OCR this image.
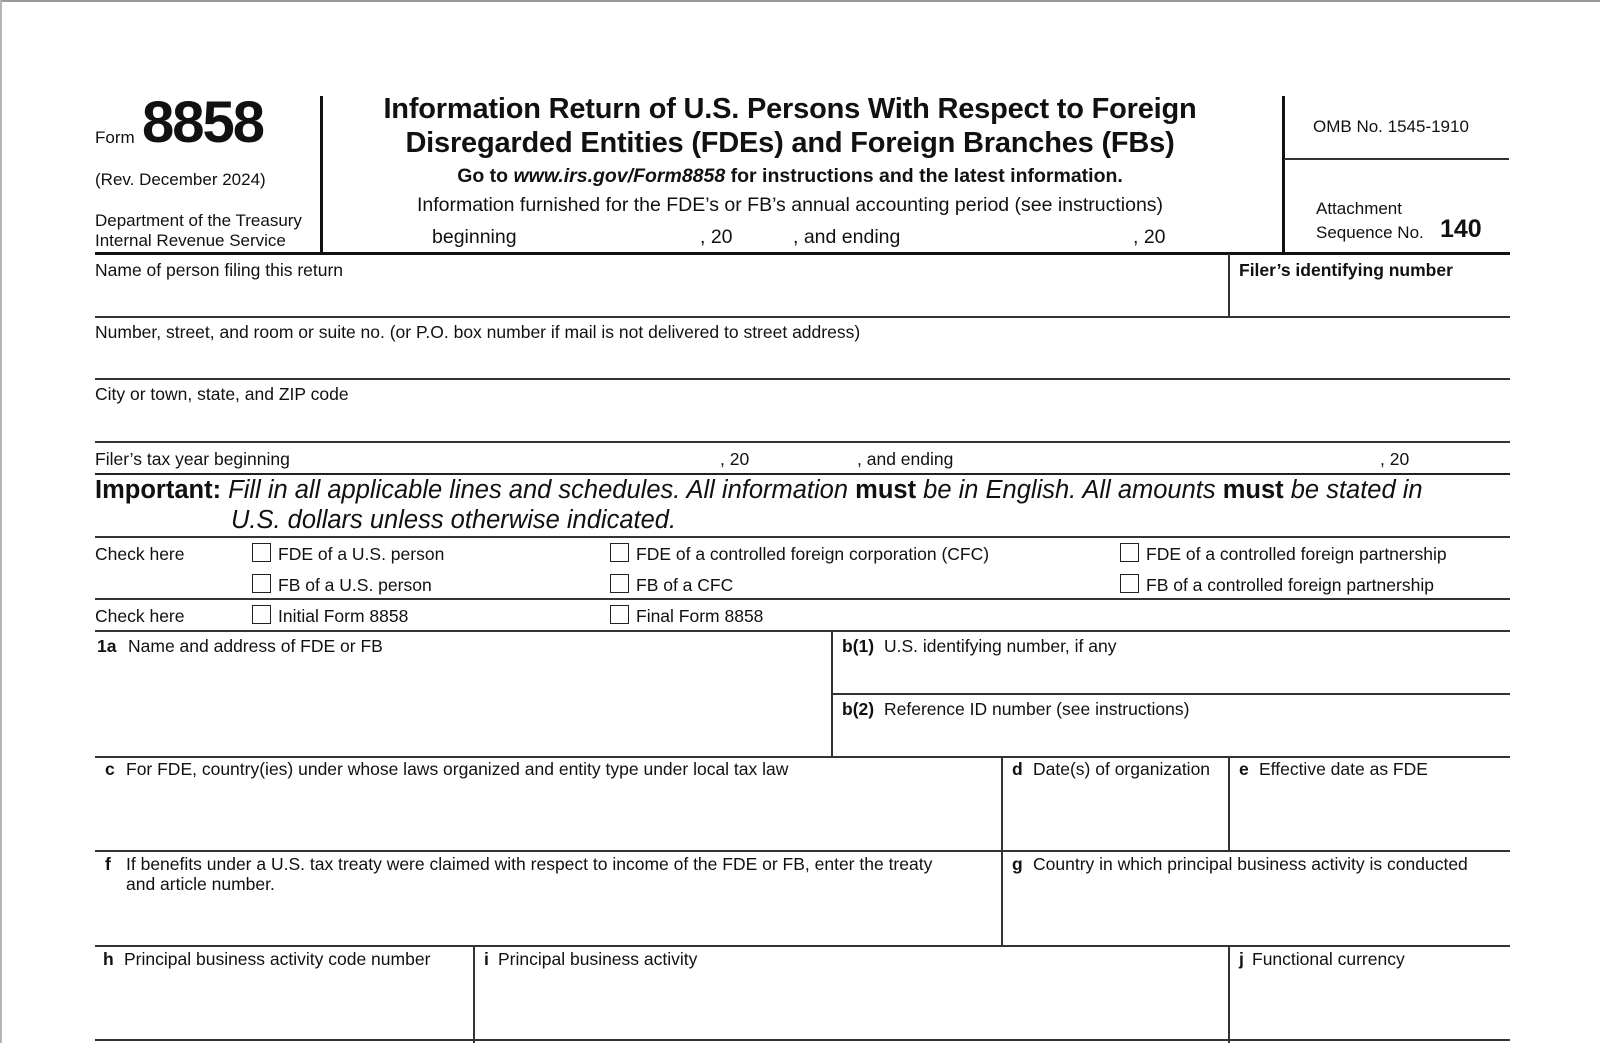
Form 8858
(Rev. December 2024)
Department of the Treasury
Internal Revenue Service
Information Return of U.S. Persons With Respect to Foreign
Disregarded Entities (FDEs) and Foreign Branches (FBs)
Go to www.irs.gov/Form8858 for instructions and the latest information.
Information furnished for the FDE’s or FB’s annual accounting period (see instructions)
beginning	, 20	, and ending	, 20
OMB No. 1545-1910
Attachment
Sequence No. 140
Name of person filing this return	Filer’s identifying number
Number, street, and room or suite no. (or P.O. box number if mail is not delivered to street address)
City or town, state, and ZIP code
Filer’s tax year beginning	, 20	, and ending	, 20
Important: Fill in all applicable lines and schedules. All information must be in English. All amounts must be stated in
U.S. dollars unless otherwise indicated.
Check here	FDE of a U.S. person	FDE of a controlled foreign corporation (CFC)	FDE of a controlled foreign partnership
FB of a U.S. person	FB of a CFC	FB of a controlled foreign partnership
Check here	Initial Form 8858	Final Form 8858
1a Name and address of FDE or FB	b(1) U.S. identifying number, if any
b(2) Reference ID number (see instructions)
c For FDE, country(ies) under whose laws organized and entity type under local tax law	d Date(s) of organization e Effective date as FDE
f If benefits under a U.S. tax treaty were claimed with respect to income of the FDE or FB, enter the treaty
and article number.
g Country in which principal business activity is conducted
h Principal business activity code number	i Principal business activity	j Functional currency
